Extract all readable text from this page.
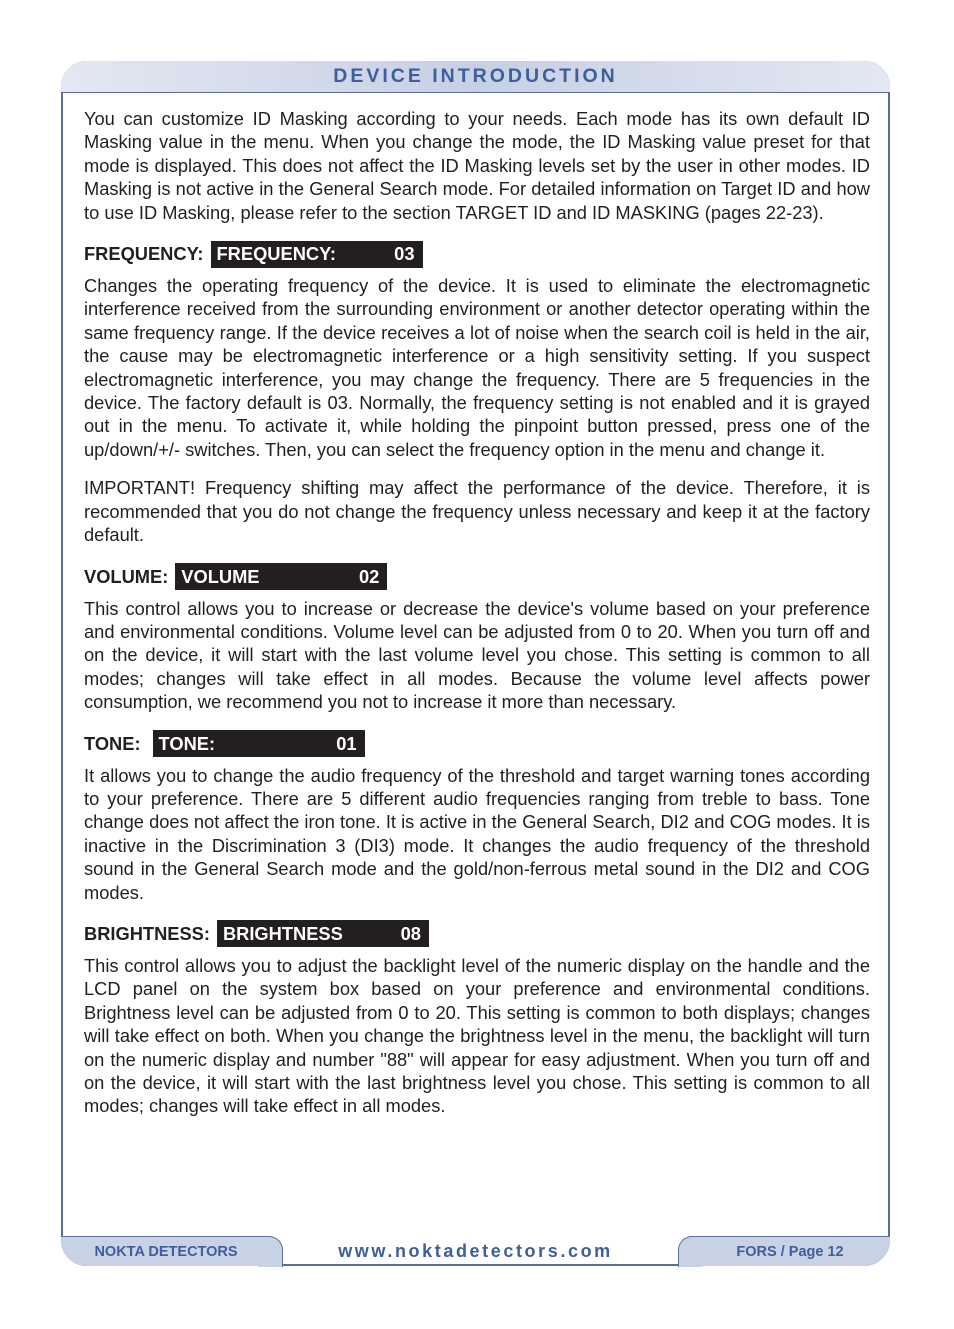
DEVICE INTRODUCTION

You can customize ID Masking according to your needs. Each mode has its own default ID Masking value in the menu. When you change the mode, the ID Masking value preset for that mode is displayed. This does not affect the ID Masking levels set by the user in other modes. ID Masking is not active in the General Search mode. For detailed information on Target ID and how to use ID Masking, please refer to the section TARGET ID and ID MASKING (pages 22-23).

FREQUENCY: FREQUENCY:	03

Changes the operating frequency of the device. It is used to eliminate the electromagnetic interference received from the surrounding environment or another detector operating within the same frequency range. If the device receives a lot of noise when the search coil is held in the air, the cause may be electromagnetic interference or a high sensitivity setting. If you suspect electromagnetic interference, you may change the frequency. There are 5 frequencies in the device. The factory default is 03. Normally, the frequency setting is not enabled and it is grayed out in the menu. To activate it, while holding the pinpoint button pressed, press one of the up/down/+/- switches. Then, you can select the frequency option in the menu and change it.

IMPORTANT! Frequency shifting may affect the performance of the device. Therefore, it is recommended that you do not change the frequency unless necessary and keep it at the factory default.

VOLUME: VOLUME	02

This control allows you to increase or decrease the device's volume based on your preference and environmental conditions. Volume level can be adjusted from 0 to 20. When you turn off and on the device, it will start with the last volume level you chose. This setting is common to all modes; changes will take effect in all modes. Because the volume level affects power consumption, we recommend you not to increase it more than necessary.

TONE: TONE:	01

It allows you to change the audio frequency of the threshold and target warning tones according to your preference. There are 5 different audio frequencies ranging from treble to bass. Tone change does not affect the iron tone. It is active in the General Search, DI2 and COG modes. It is inactive in the Discrimination 3 (DI3) mode. It changes the audio frequency of the threshold sound in the General Search mode and the gold/non-ferrous metal sound in the DI2 and COG modes.

BRIGHTNESS: BRIGHTNESS	08

This control allows you to adjust the backlight level of the numeric display on the handle and the LCD panel on the system box based on your preference and environmental conditions. Brightness level can be adjusted from 0 to 20. This setting is common to both displays; changes will take effect on both. When you change the brightness level in the menu, the backlight will turn on the numeric display and number "88" will appear for easy adjustment. When you turn off and on the device, it will start with the last brightness level you chose. This setting is common to all modes; changes will take effect in all modes.

www.noktadetectors.com
NOKTA DETECTORS	FORS / Page 12
